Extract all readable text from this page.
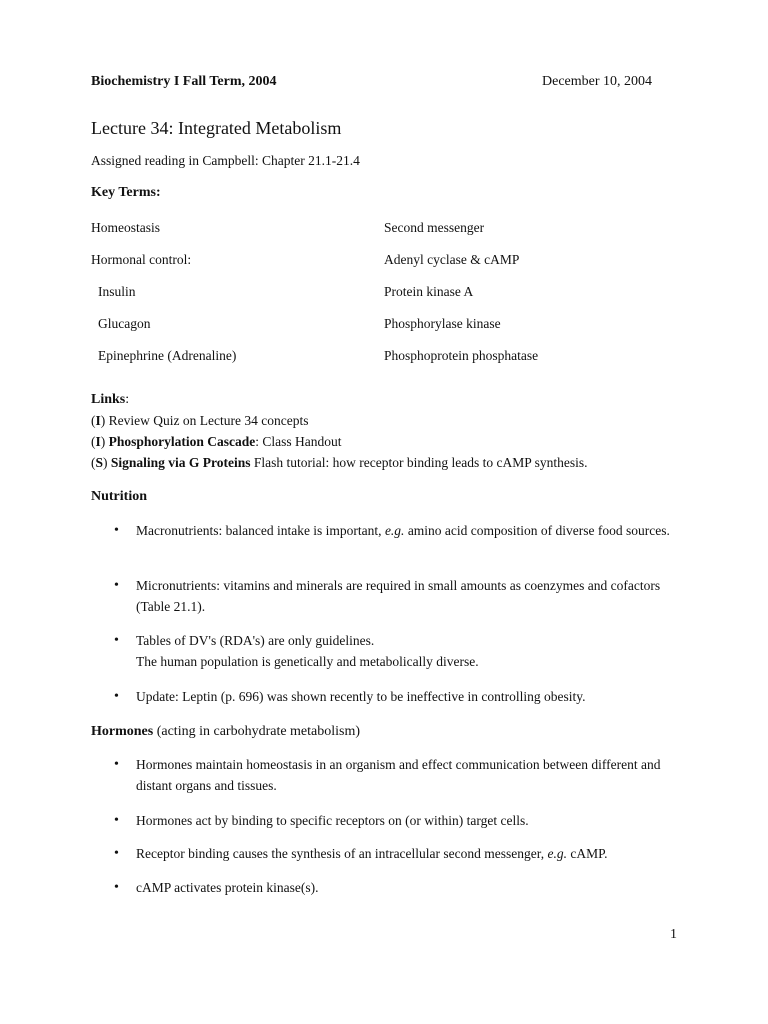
Biochemistry I Fall Term, 2004	December 10, 2004
Lecture 34: Integrated Metabolism
Assigned reading in Campbell: Chapter 21.1-21.4
Key Terms:
Homeostasis
Hormonal control:
Insulin
Glucagon
Epinephrine (Adrenaline)
Second messenger
Adenyl cyclase & cAMP
Protein kinase A
Phosphorylase kinase
Phosphoprotein phosphatase
Links:
(I) Review Quiz on Lecture 34 concepts
(I) Phosphorylation Cascade: Class Handout
(S) Signaling via G Proteins Flash tutorial: how receptor binding leads to cAMP synthesis.
Nutrition
• Macronutrients: balanced intake is important, e.g. amino acid composition of diverse food sources.
• Micronutrients: vitamins and minerals are required in small amounts as coenzymes and cofactors (Table 21.1).
• Tables of DV's (RDA's) are only guidelines.
The human population is genetically and metabolically diverse.
• Update: Leptin (p. 696) was shown recently to be ineffective in controlling obesity.
Hormones (acting in carbohydrate metabolism)
• Hormones maintain homeostasis in an organism and effect communication between different and distant organs and tissues.
• Hormones act by binding to specific receptors on (or within) target cells.
• Receptor binding causes the synthesis of an intracellular second messenger, e.g. cAMP.
• cAMP activates protein kinase(s).
1
